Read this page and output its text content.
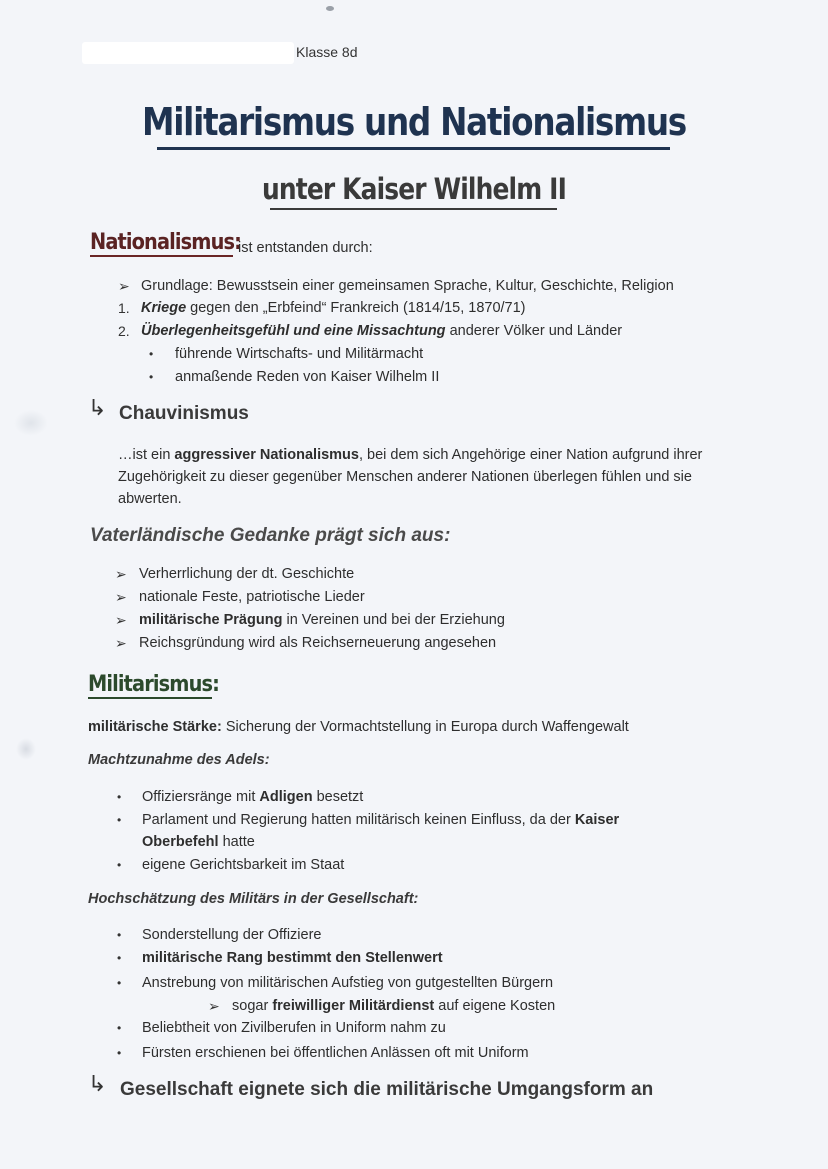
Klasse 8d
Militarismus und Nationalismus
unter Kaiser Wilhelm II
Nationalismus:
ist entstanden durch:
➢ Grundlage: Bewusstsein einer gemeinsamen Sprache, Kultur, Geschichte, Religion
1. Kriege gegen den „Erbfeind“ Frankreich (1814/15, 1870/71)
2. Überlegenheitsgefühl und eine Missachtung anderer Völker und Länder
• führende Wirtschafts- und Militärmacht
• anmaßende Reden von Kaiser Wilhelm II
↳ Chauvinismus
…ist ein aggressiver Nationalismus, bei dem sich Angehörige einer Nation aufgrund ihrer Zugehörigkeit zu dieser gegenüber Menschen anderer Nationen überlegen fühlen und sie abwerten.
Vaterländische Gedanke prägt sich aus:
➢ Verherrlichung der dt. Geschichte
➢ nationale Feste, patriotische Lieder
➢ militärische Prägung in Vereinen und bei der Erziehung
➢ Reichsgründung wird als Reichserneuerung angesehen
Militarismus:
militärische Stärke: Sicherung der Vormachtstellung in Europa durch Waffengewalt
Machtzunahme des Adels:
• Offiziersränge mit Adligen besetzt
• Parlament und Regierung hatten militärisch keinen Einfluss, da der Kaiser
Oberbefehl hatte
• eigene Gerichtsbarkeit im Staat
Hochschätzung des Militärs in der Gesellschaft:
• Sonderstellung der Offiziere
• militärische Rang bestimmt den Stellenwert
• Anstrebung von militärischen Aufstieg von gutgestellten Bürgern
➢ sogar freiwilliger Militärdienst auf eigene Kosten
• Beliebtheit von Zivilberufen in Uniform nahm zu
• Fürsten erschienen bei öffentlichen Anlässen oft mit Uniform
↳ Gesellschaft eignete sich die militärische Umgangsform an
